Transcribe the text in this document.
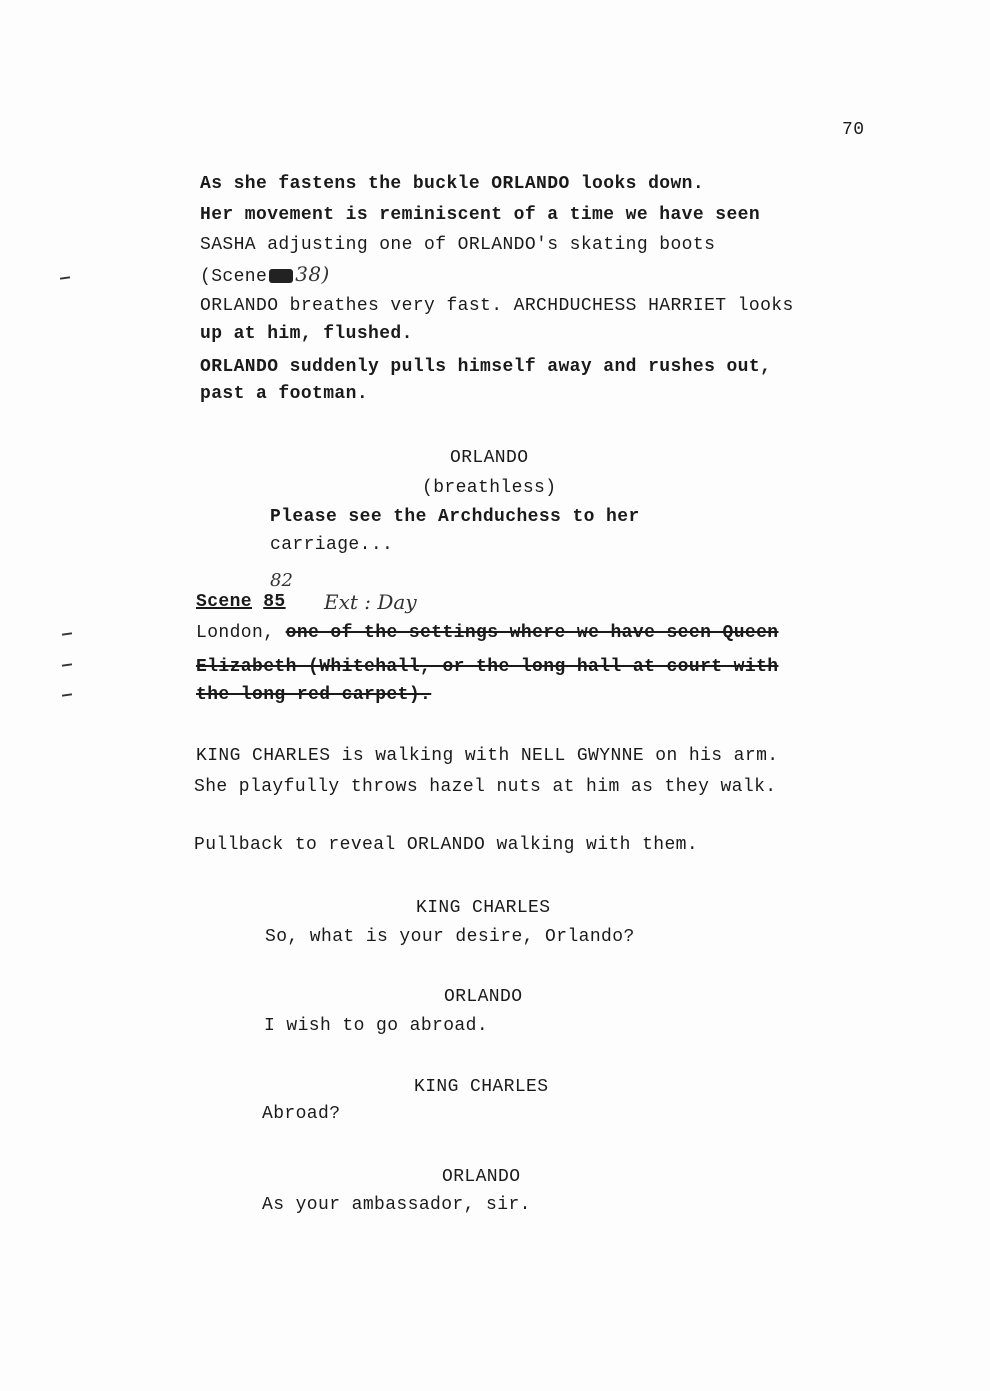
70
As she fastens the buckle ORLANDO looks down.
Her movement is reminiscent of a time we have seen
SASHA adjusting one of ORLANDO's skating boots
(Scene 38)
ORLANDO breathes very fast. ARCHDUCHESS HARRIET looks
up at him, flushed.
ORLANDO suddenly pulls himself away and rushes out,
past a footman.
ORLANDO
(breathless)
Please see the Archduchess to her
carriage...
82
Scene 85 Ext : Day
London, one of the settings where we have seen Queen
Elizabeth (Whitehall, or the long hall at court with
the long red carpet).
KING CHARLES is walking with NELL GWYNNE on his arm.
She playfully throws hazel nuts at him as they walk.
Pullback to reveal ORLANDO walking with them.
KING CHARLES
So, what is your desire, Orlando?
ORLANDO
I wish to go abroad.
KING CHARLES
Abroad?
ORLANDO
As your ambassador, sir.
